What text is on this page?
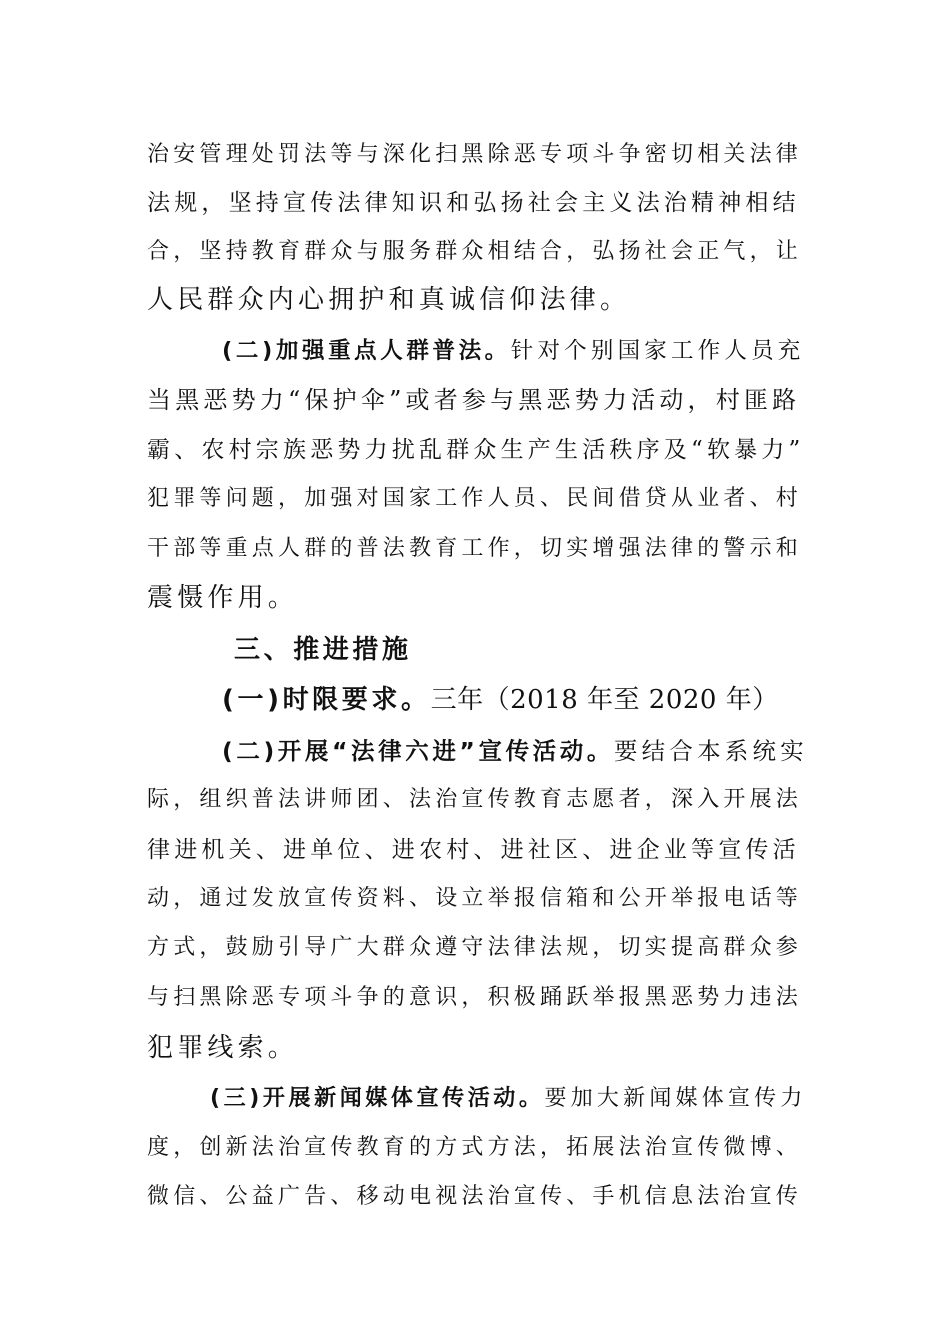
治安管理处罚法等与深化扫黑除恶专项斗争密切相关法律
法规，坚持宣传法律知识和弘扬社会主义法治精神相结
合，坚持教育群众与服务群众相结合，弘扬社会正气，让
人民群众内心拥护和真诚信仰法律。
(二)加强重点人群普法。针对个别国家工作人员充
当黑恶势力“保护伞”或者参与黑恶势力活动，村匪路
霸、农村宗族恶势力扰乱群众生产生活秩序及“软暴力”
犯罪等问题，加强对国家工作人员、民间借贷从业者、村
干部等重点人群的普法教育工作，切实增强法律的警示和
震慑作用。
三、推进措施
(一)时限要求。三年（2018 年至 2020 年）
(二)开展“法律六进”宣传活动。要结合本系统实
际，组织普法讲师团、法治宣传教育志愿者，深入开展法
律进机关、进单位、进农村、进社区、进企业等宣传活
动，通过发放宣传资料、设立举报信箱和公开举报电话等
方式，鼓励引导广大群众遵守法律法规，切实提高群众参
与扫黑除恶专项斗争的意识，积极踊跃举报黑恶势力违法
犯罪线索。
(三)开展新闻媒体宣传活动。要加大新闻媒体宣传力
度，创新法治宣传教育的方式方法，拓展法治宣传微博、
微信、公益广告、移动电视法治宣传、手机信息法治宣传
